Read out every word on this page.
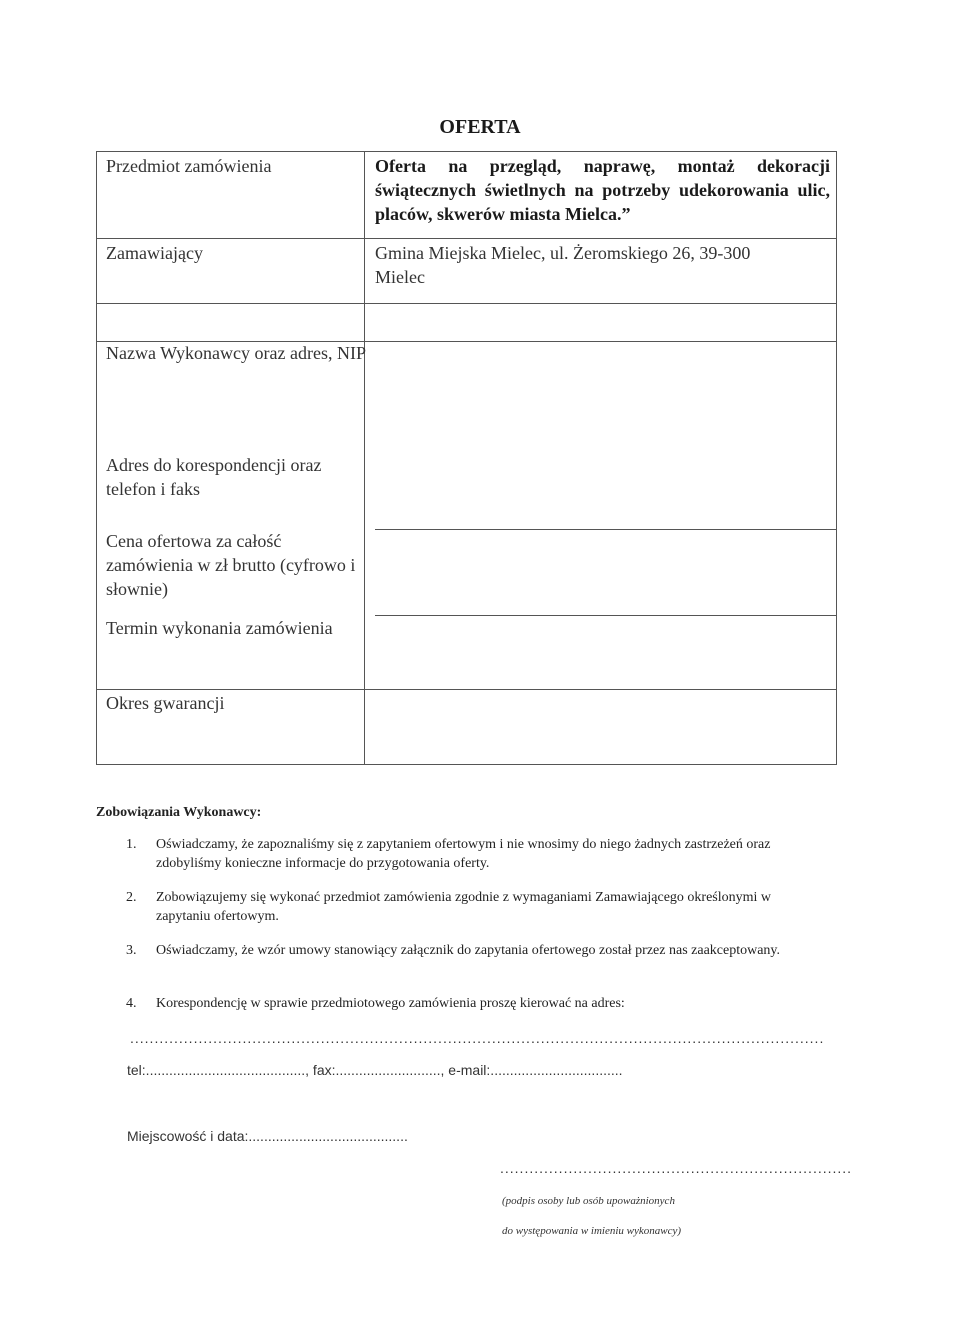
OFERTA
Przedmiot zamówienia	Oferta na przegląd, naprawę, montaż dekoracji świątecznych świetlnych na potrzeby udekorowania ulic, placów, skwerów miasta Mielca.”
Zamawiający	Gmina Miejska Mielec, ul. Żeromskiego 26, 39-300 Mielec
Nazwa Wykonawcy oraz adres, NIP
Adres do korespondencji oraz telefon i faks
Cena ofertowa za całość zamówienia w zł brutto (cyfrowo i słownie)
Termin wykonania zamówienia
Okres gwarancji
Zobowiązania Wykonawcy:
1. Oświadczamy, że zapoznaliśmy się z zapytaniem ofertowym i nie wnosimy do niego żadnych zastrzeżeń oraz zdobyliśmy konieczne informacje do przygotowania oferty.
2. Zobowiązujemy się wykonać przedmiot zamówienia zgodnie z wymaganiami Zamawiającego określonymi w zapytaniu ofertowym.
3. Oświadczamy, że wzór umowy stanowiący załącznik do zapytania ofertowego został przez nas zaakceptowany.
4. Korespondencję w sprawie przedmiotowego zamówienia proszę kierować na adres:
..............................................................................................................................................
tel:........................................., fax:..........................., e-mail:..................................
Miejscowość i data:.........................................
........................................................................
(podpis osoby lub osób upoważnionych
do występowania w imieniu wykonawcy)
